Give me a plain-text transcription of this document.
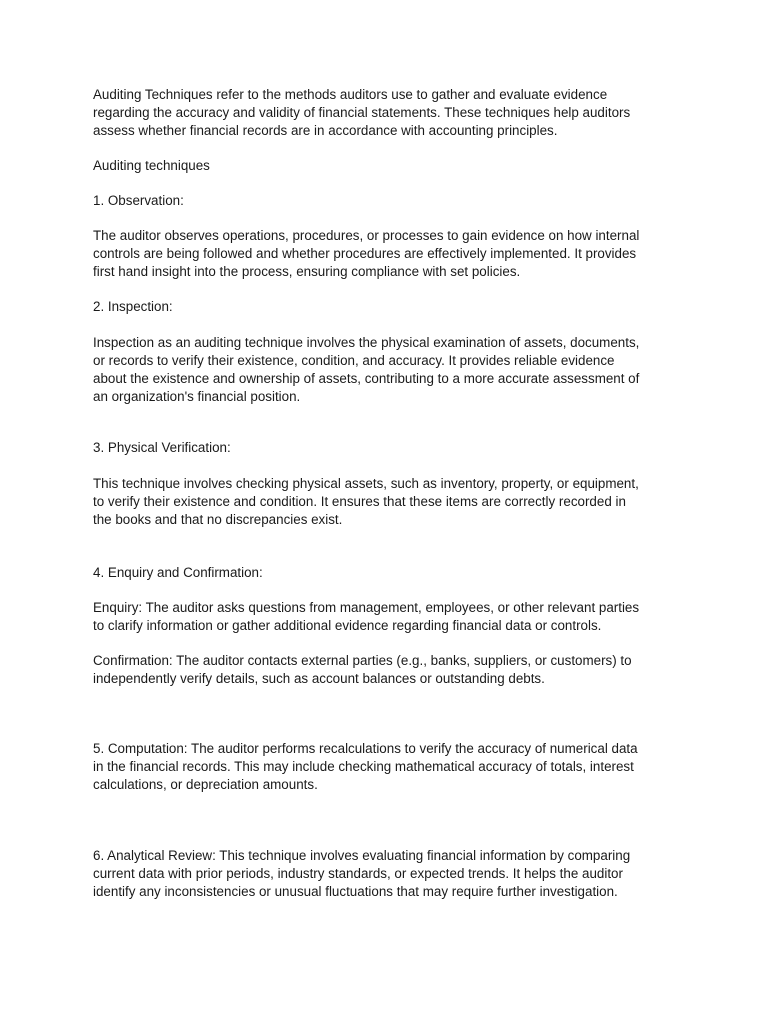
Auditing Techniques refer to the methods auditors use to gather and evaluate evidence
regarding the accuracy and validity of financial statements. These techniques help auditors
assess whether financial records are in accordance with accounting principles.

Auditing techniques

1. Observation:

The auditor observes operations, procedures, or processes to gain evidence on how internal
controls are being followed and whether procedures are effectively implemented. It provides
first hand insight into the process, ensuring compliance with set policies.

2. Inspection:

Inspection as an auditing technique involves the physical examination of assets, documents,
or records to verify their existence, condition, and accuracy. It provides reliable evidence
about the existence and ownership of assets, contributing to a more accurate assessment of
an organization's financial position.

3. Physical Verification:

This technique involves checking physical assets, such as inventory, property, or equipment,
to verify their existence and condition. It ensures that these items are correctly recorded in
the books and that no discrepancies exist.

4. Enquiry and Confirmation:

Enquiry: The auditor asks questions from management, employees, or other relevant parties
to clarify information or gather additional evidence regarding financial data or controls.

Confirmation: The auditor contacts external parties (e.g., banks, suppliers, or customers) to
independently verify details, such as account balances or outstanding debts.

5. Computation: The auditor performs recalculations to verify the accuracy of numerical data
in the financial records. This may include checking mathematical accuracy of totals, interest
calculations, or depreciation amounts.

6. Analytical Review: This technique involves evaluating financial information by comparing
current data with prior periods, industry standards, or expected trends. It helps the auditor
identify any inconsistencies or unusual fluctuations that may require further investigation.
